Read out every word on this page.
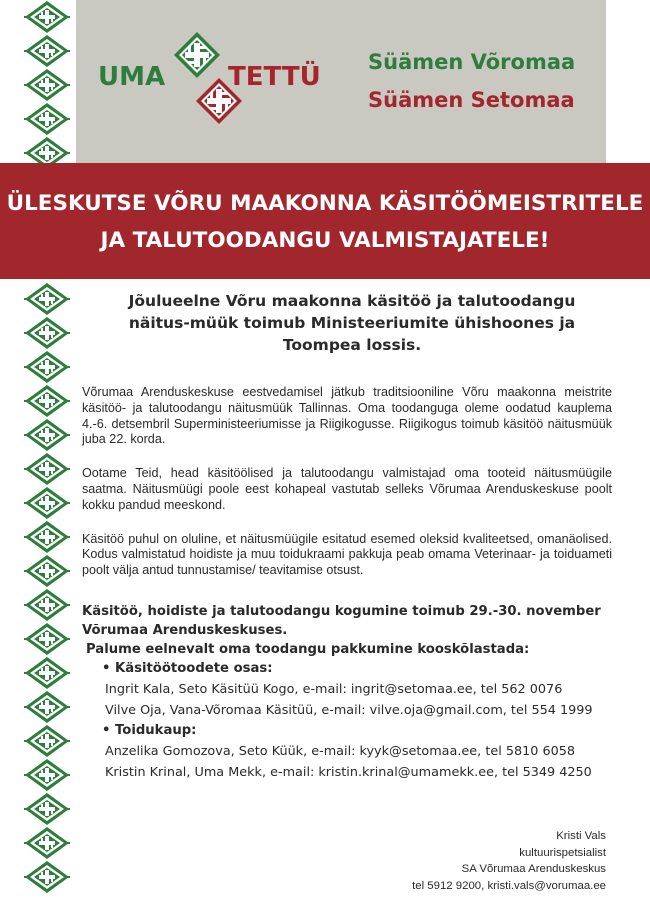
UMA TETTÜ Süämen Võromaa
Süämen Setomaa
ÜLESKUTSE VÕRU MAAKONNA KÄSITÖÖMEISTRITELE
JA TALUTOODANGU VALMISTAJATELE!
Jõulueelne Võru maakonna käsitöö ja talutoodangu
näitus-müük toimub Ministeeriumite ühishoones ja
Toompea lossis.

Võrumaa Arenduskeskuse eestvedamisel jätkub traditsiooniline Võru maakonna meistrite käsitöö- ja talutoodangu näitusmüük Tallinnas. Oma toodanguga oleme oodatud kauplema 4.-6. detsembril Superministeeriumisse ja Riigikogusse. Riigikogus toimub käsitöö näitusmüük juba 22. korda.

Ootame Teid, head käsitöölised ja talutoodangu valmistajad oma tooteid näitusmüügile saatma. Näitusmüügi poole eest kohapeal vastutab selleks Võrumaa Arenduskeskuse poolt kokku pandud meeskond.

Käsitöö puhul on oluline, et näitusmüügile esitatud esemed oleksid kvaliteetsed, omanäolised. Kodus valmistatud hoidiste ja muu toidukraami pakkuja peab omama Veterinaar- ja toiduameti poolt välja antud tunnustamise/ teavitamise otsust.

Käsitöö, hoidiste ja talutoodangu kogumine toimub 29.-30. november
Võrumaa Arenduskeskuses.
Palume eelnevalt oma toodangu pakkumine kooskõlastada:
• Käsitöötoodete osas:
Ingrit Kala, Seto Käsitüü Kogo, e-mail: ingrit@setomaa.ee, tel 562 0076
Vilve Oja, Vana-Võromaa Käsitüü, e-mail: vilve.oja@gmail.com, tel 554 1999
• Toidukaup:
Anzelika Gomozova, Seto Küük, e-mail: kyyk@setomaa.ee, tel 5810 6058
Kristin Krinal, Uma Mekk, e-mail: kristin.krinal@umamekk.ee, tel 5349 4250
Kristi Vals
kultuurispetsialist
SA Võrumaa Arenduskeskus
tel 5912 9200, kristi.vals@vorumaa.ee
